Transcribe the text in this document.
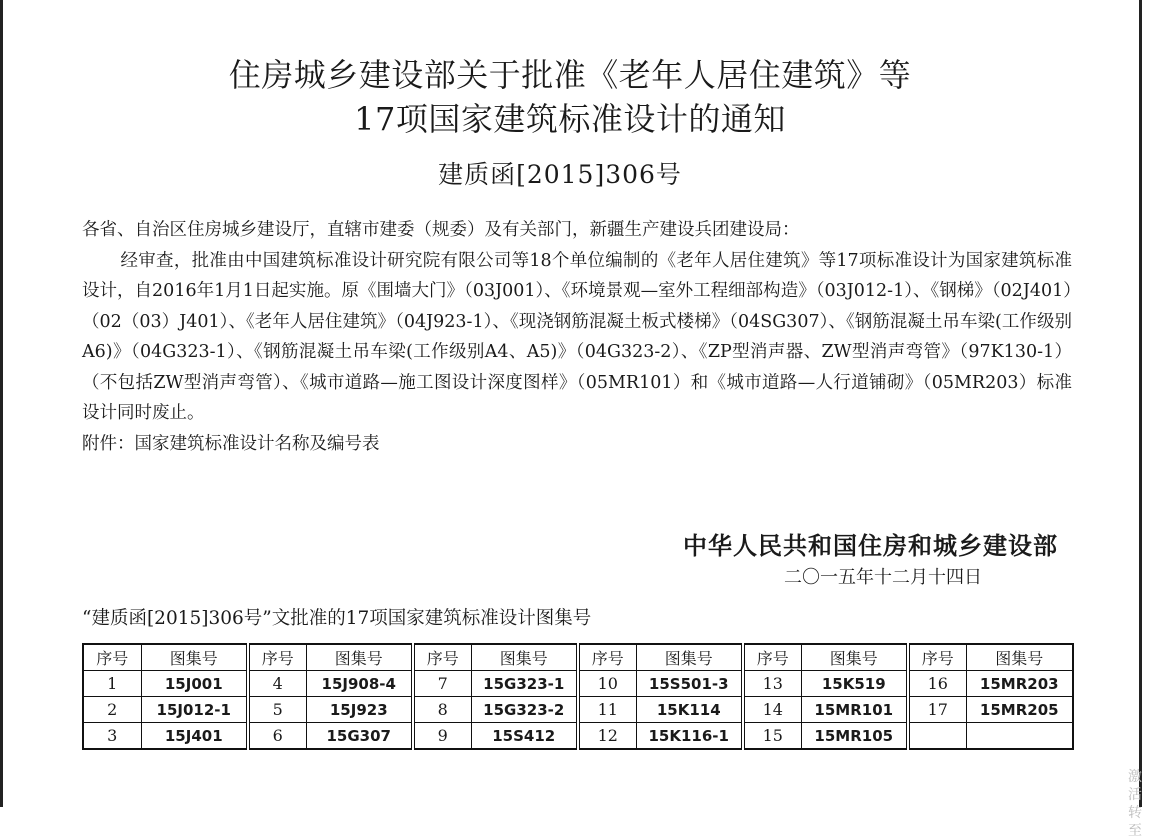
住房城乡建设部关于批准《老年人居住建筑》等
17项国家建筑标准设计的通知
建质函[2015]306号

各省、自治区住房城乡建设厅，直辖市建委（规委）及有关部门，新疆生产建设兵团建设局：

经审查，批准由中国建筑标准设计研究院有限公司等18个单位编制的《老年人居住建筑》等17项标准设计为国家建筑标准设计，自2016年1月1日起实施。原《围墙大门》（03J001）、《环境景观—室外工程细部构造》（03J012-1）、《钢梯》（02J401）（02（03）J401）、《老年人居住建筑》（04J923-1）、《现浇钢筋混凝土板式楼梯》（04SG307）、《钢筋混凝土吊车梁(工作级别A6)》（04G323-1）、《钢筋混凝土吊车梁(工作级别A4、A5)》（04G323-2）、《ZP型消声器、ZW型消声弯管》（97K130-1）（不包括ZW型消声弯管）、《城市道路—施工图设计深度图样》（05MR101）和《城市道路—人行道铺砌》（05MR203）标准设计同时废止。

附件：国家建筑标准设计名称及编号表

中华人民共和国住房和城乡建设部
二〇一五年十二月十四日
“建质函[2015]306号”文批准的17项国家建筑标准设计图集号
序号	图集号	序号	图集号	序号	图集号	序号	图集号	序号	图集号	序号	图集号
1	15J001	4	15J908-4	7	15G323-1	10	15S501-3	13	15K519	16	15MR203
2	15J012-1	5	15J923	8	15G323-2	11	15K114	14	15MR101	17	15MR205
3	15J401	6	15G307	9	15S412	12	15K116-1	15	15MR105		
激活转至
